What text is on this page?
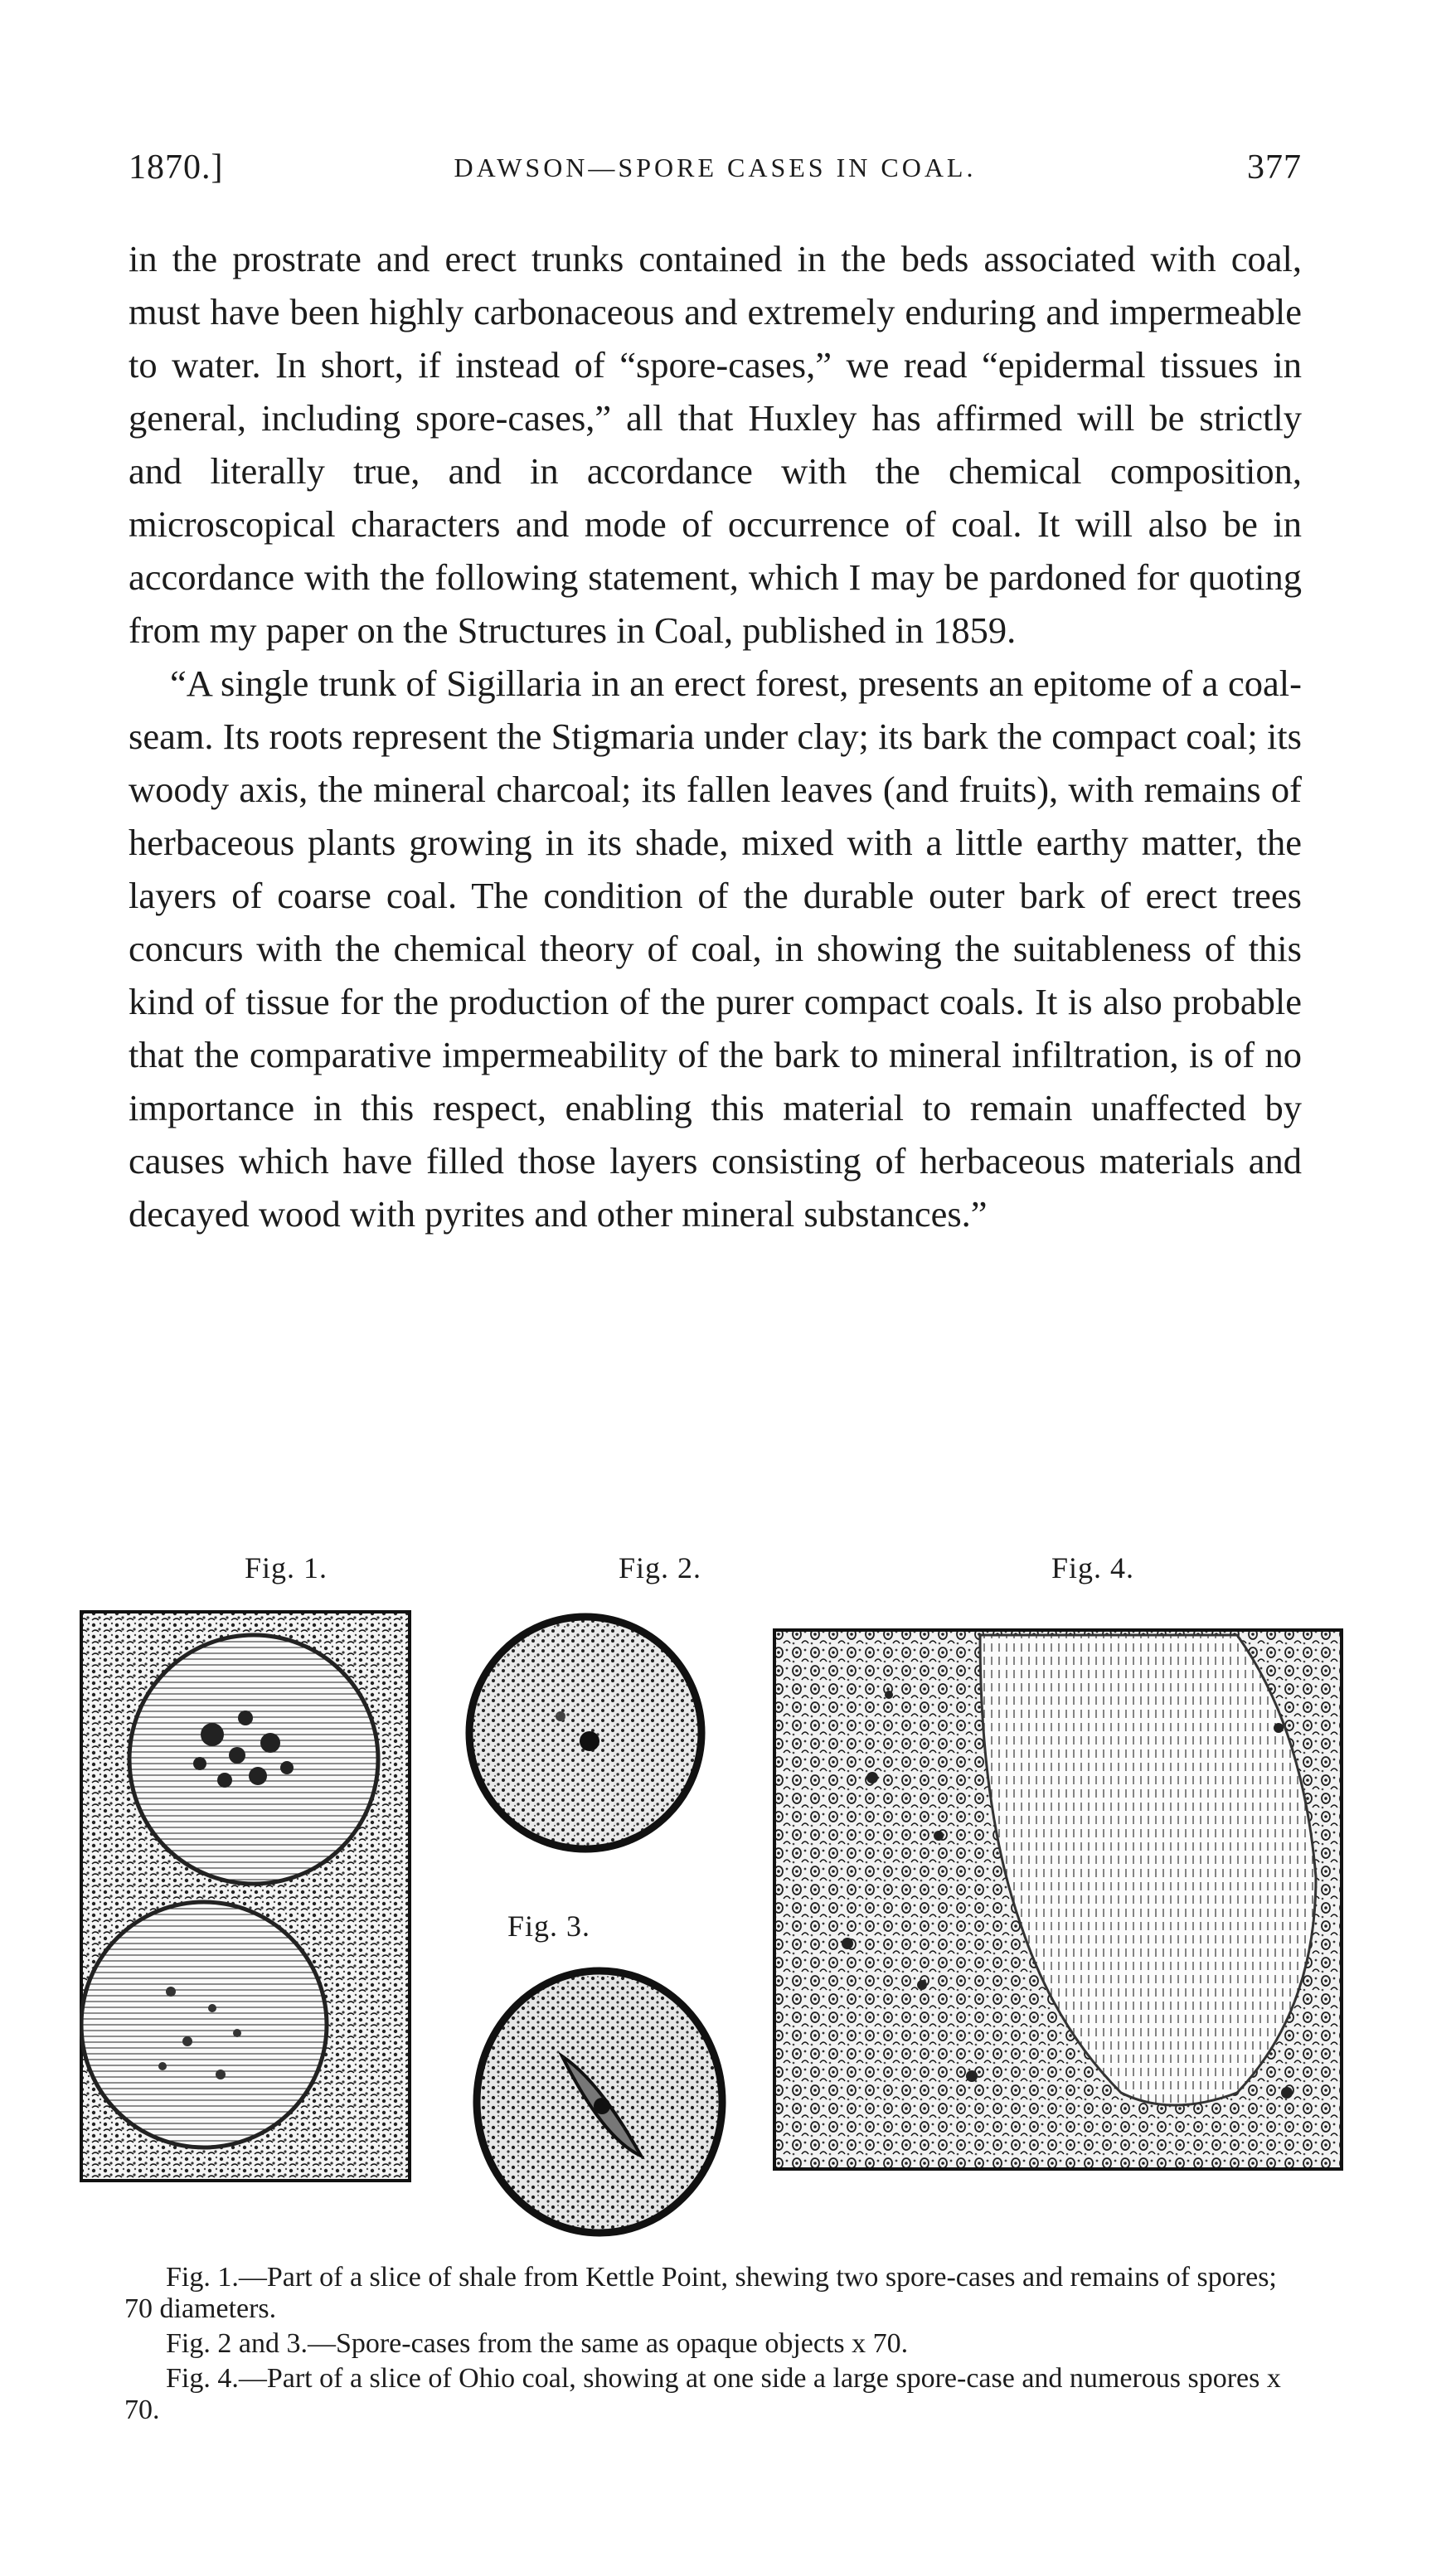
1870.]	DAWSON—SPORE CASES IN COAL.	377

in the prostrate and erect trunks contained in the beds associated with coal, must have been highly carbonaceous and extremely enduring and impermeable to water. In short, if instead of “spore-cases,” we read “epidermal tissues in general, including spore-cases,” all that Huxley has affirmed will be strictly and literally true, and in accordance with the chemical composition, microscopical characters and mode of occurrence of coal. It will also be in accordance with the following statement, which I may be pardoned for quoting from my paper on the Structures in Coal, published in 1859.

“A single trunk of Sigillaria in an erect forest, presents an epitome of a coal-seam. Its roots represent the Stigmaria under clay; its bark the compact coal; its woody axis, the mineral charcoal; its fallen leaves (and fruits), with remains of herbaceous plants growing in its shade, mixed with a little earthy matter, the layers of coarse coal. The condition of the durable outer bark of erect trees concurs with the chemical theory of coal, in showing the suitableness of this kind of tissue for the production of the purer compact coals. It is also probable that the comparative impermeability of the bark to mineral infiltration, is of no importance in this respect, enabling this material to remain unaffected by causes which have filled those layers consisting of herbaceous materials and decayed wood with pyrites and other mineral substances.”

Fig. 1.	Fig. 2.
Fig. 3.
Fig. 4.

Fig. 1.—Part of a slice of shale from Kettle Point, shewing two spore-cases and remains of spores; 70 diameters.

Fig. 2 and 3.—Spore-cases from the same as opaque objects x 70.

Fig. 4.—Part of a slice of Ohio coal, showing at one side a large spore-case and numerous spores x 70.
